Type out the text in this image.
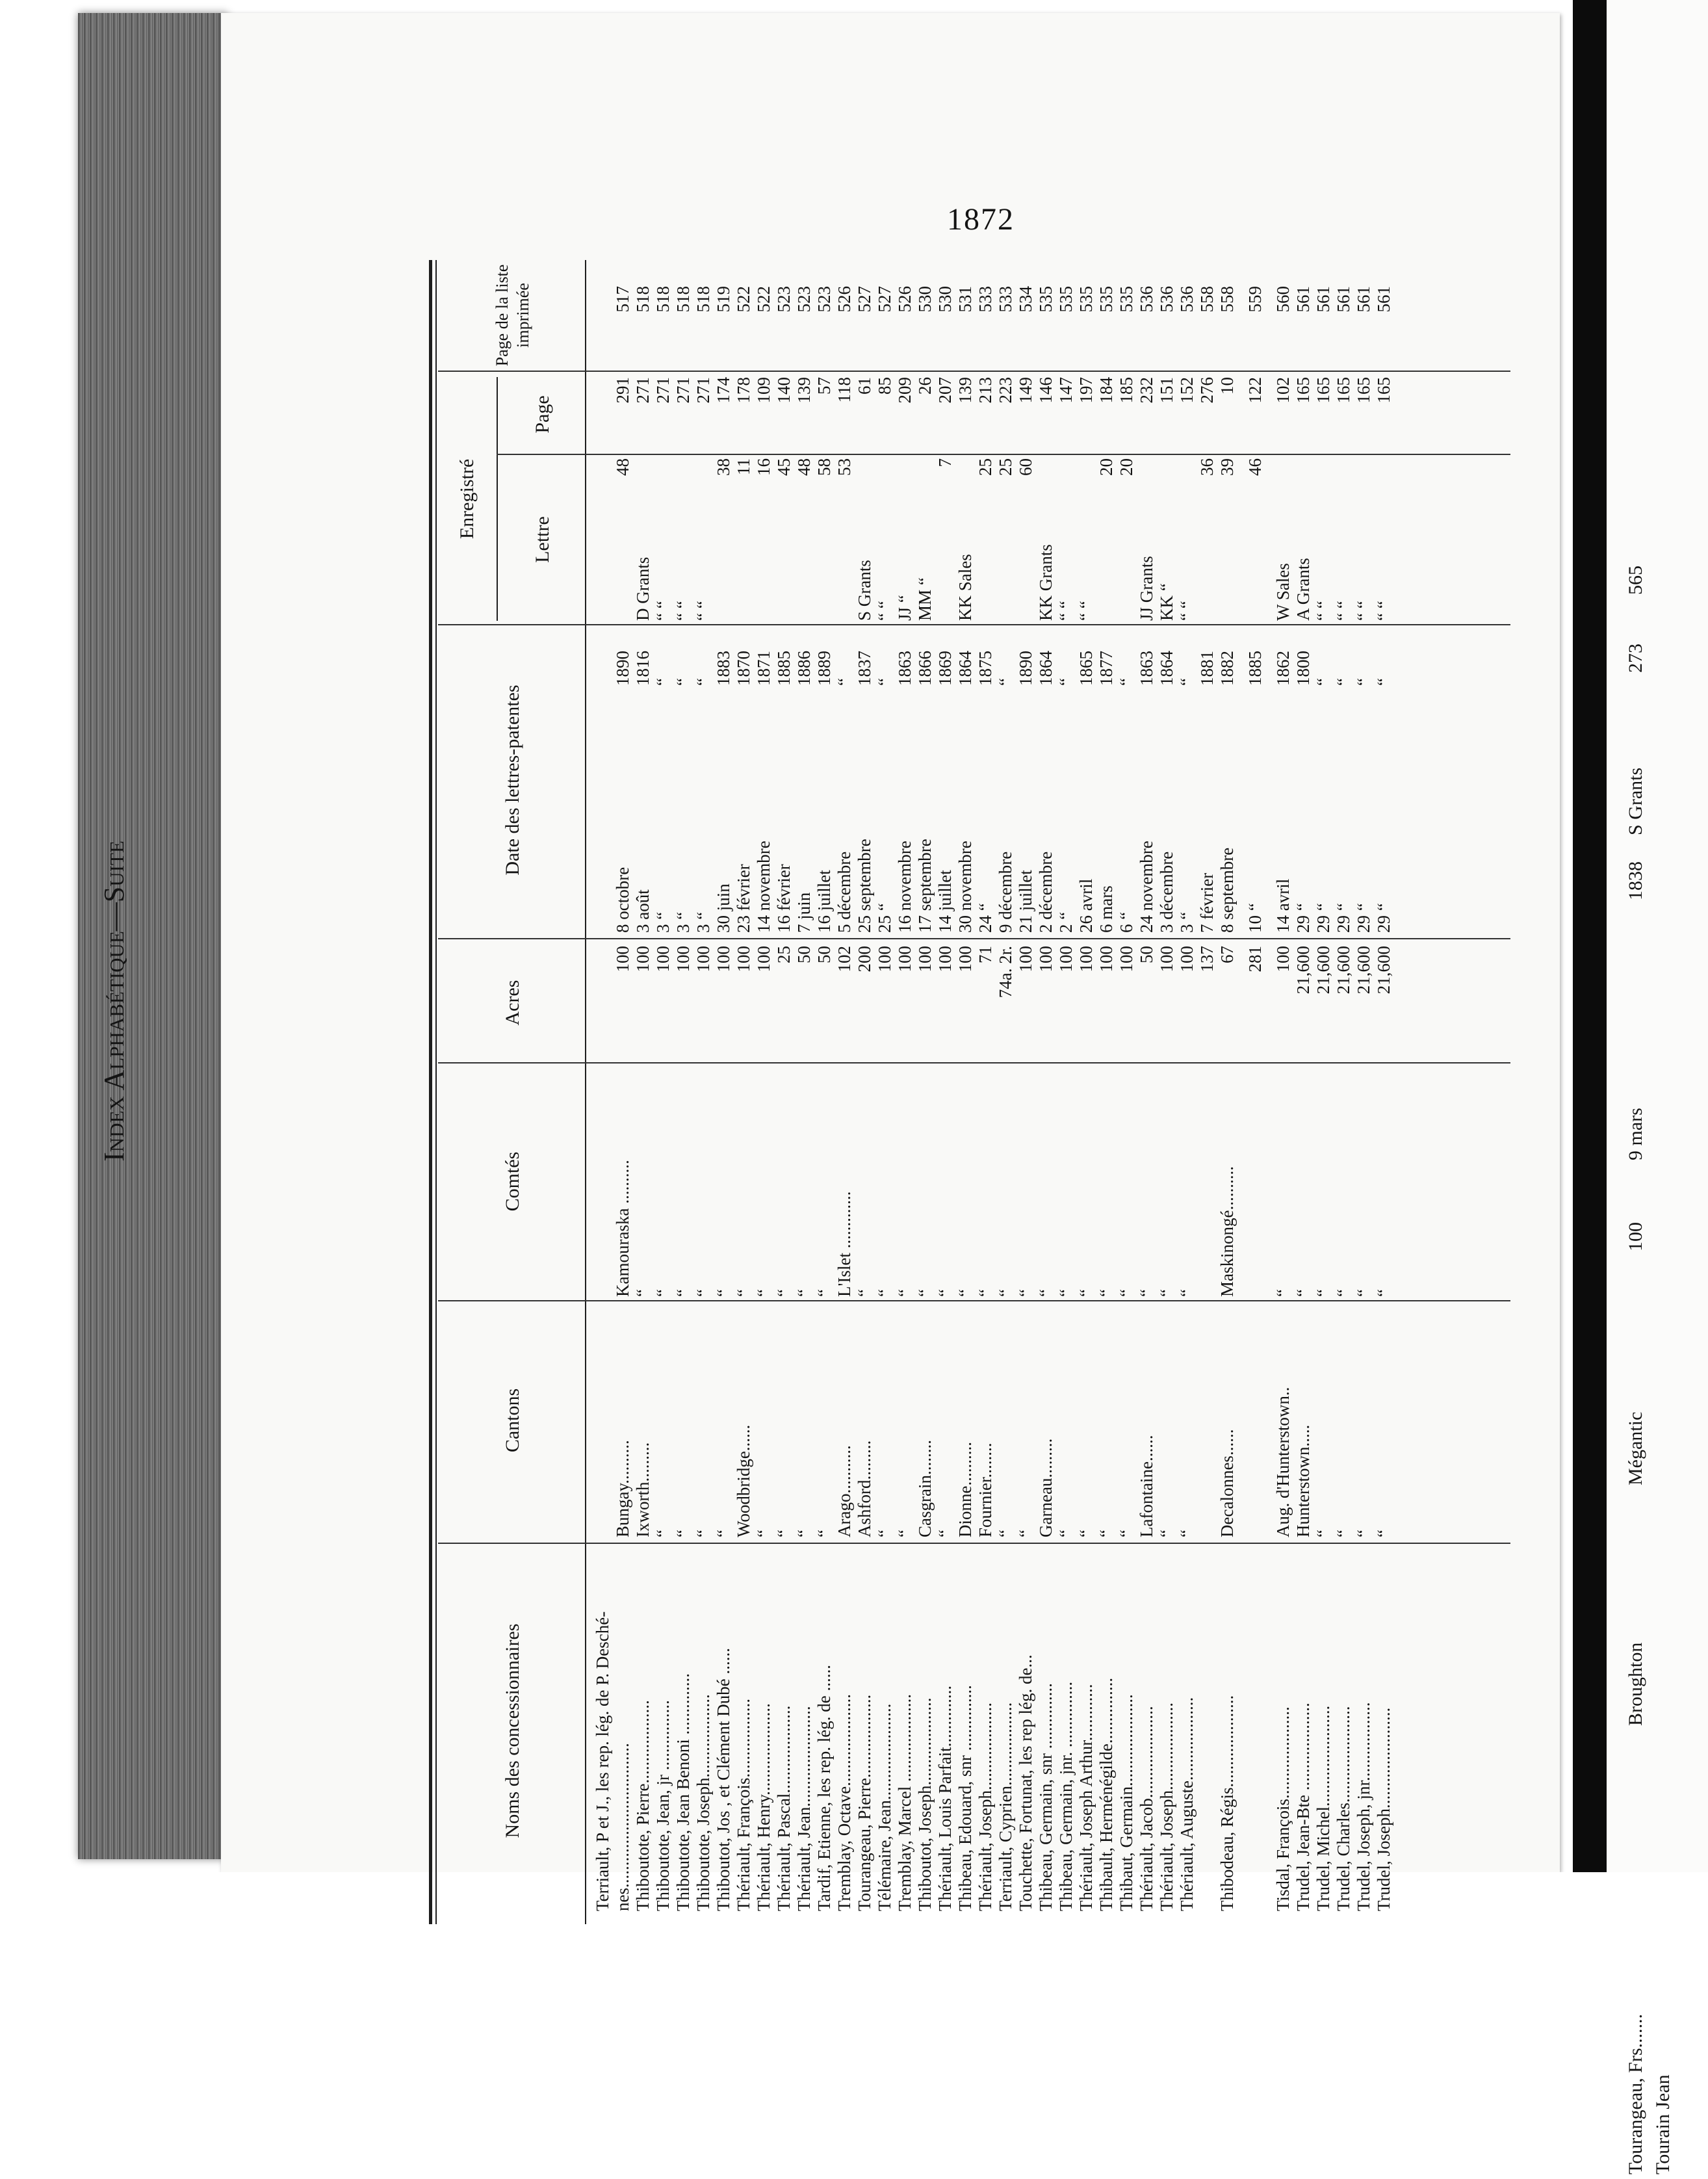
1872
Index Alphabétique—Suite
Noms des concessionnaires
Cantons
Comtés
Acres
Date des lettres-patentes
Enregistré
Lettre
Page
Page de la liste imprimée
Terriault, P et J., les rep. lég. de P. Desché- nes.................................
Bungay..........
Kamouraska ..........
100
8 octobre
1890
48
291
517
Thiboutote, Pierre...................
Ixworth.........
“
100
3 août
1816
D Grants
271
518
Thiboutote, Jean, jr ................
“
“
100
3 “
“
“ “
271
518
Thiboutote, Jean Benoni ..............
“
“
100
3 “
“
“ “
271
518
Thiboutote, Joseph...................
“
“
100
3 “
“
“ “
271
518
Thiboutot, Jos , et Clément Dubé ......
“
“
100
30 juin
1883
38
174
519
Thériault, François..................
Woodbridge......
“
100
23 février
1870
11
178
522
Thériault, Henry.....................
“
“
100
14 novembre
1871
16
109
522
Thériault, Pascal....................
“
“
25
16 février
1885
45
140
523
Thériault, Jean.......................
“
“
50
7 juin
1886
48
139
523
Tardif, Etienne, les rep. lég. de ......
“
“
50
16 juillet
1889
58
57
523
Tremblay, Octave.....................
Arago...........
L'Islet .............
102
5 décembre
“
53
118
526
Tourangeau, Pierre...................
Ashford.........
“
200
25 septembre
1837
S Grants
61
527
Télémaire, Jean......................
“
“
100
25 “
“
“ “
85
527
Tremblay, Marcel ....................
“
“
100
16 novembre
1863
JJ “
209
526
Thiboutot, Joseph....................
Casgrain........
“
100
17 septembre
1866
MM “
26
530
Thériault, Louis Parfait..............
“
“
100
14 juillet
1869
7
207
530
Thibeau, Edouard, snr ...............
Dionne..........
“
100
30 novembre
1864
KK Sales
139
531
Thériault, Joseph....................
Fournier........
“
71
24 “
1875
25
213
533
Terriault, Cyprien...................
“
“
74a. 2r.
9 décembre
“
25
223
533
Touchette, Fortunat, les rep lég. de...
“
“
100
21 juillet
1890
60
149
534
Thibeau, Germain, snr ...............
Garneau.........
“
100
2 décembre
1864
KK Grants
146
535
Thibeau, Germain, jnr. ...............
“
“
100
2 “
“
“ “
147
535
Thériault, Joseph Arthur.............
“
“
100
26 avril
1865
“ “
197
535
Thibault, Herménégilde...............
“
“
100
6 mars
1877
20
184
535
Thibaut, Germain.....................
“
“
100
6 “
“
20
185
535
Thériault, Jacob.....................
Lafontaine......
“
50
24 novembre
1863
JJ Grants
232
536
Thériault, Joseph....................
“
“
100
3 décembre
1864
KK “
151
536
Thériault, Auguste...................
“
“
100
3 “
“
“ “
152
536
137
7 février
1881
36
276
558
Thibodeau, Régis.....................
Decalonnes......
Maskinongé..........
67
8 septembre
1882
39
10
558
281
10 “
1885
46
122
559
Tisdal, François.....................
Aug. d'Hunterstown..
“
100
14 avril
1862
W Sales
102
560
Trudel, Jean-Bte ....................
Hunterstown.....
“
21,600
29 “
1800
A Grants
165
561
Trudel, Michel.......................
“
“
21,600
29 “
“
“ “
165
561
Trudel, Charles......................
“
“
21,600
29 “
“
“ “
165
561
Trudel, Joseph, jnr..................
“
“
21,600
29 “
“
“ “
165
561
Trudel, Joseph.......................
“
“
21,600
29 “
“
“ “
165
561
Tourangeau, Frs.......
Broughton
Mégantic
100
9 mars
1838
S Grants
273
565
Tourain Jean
